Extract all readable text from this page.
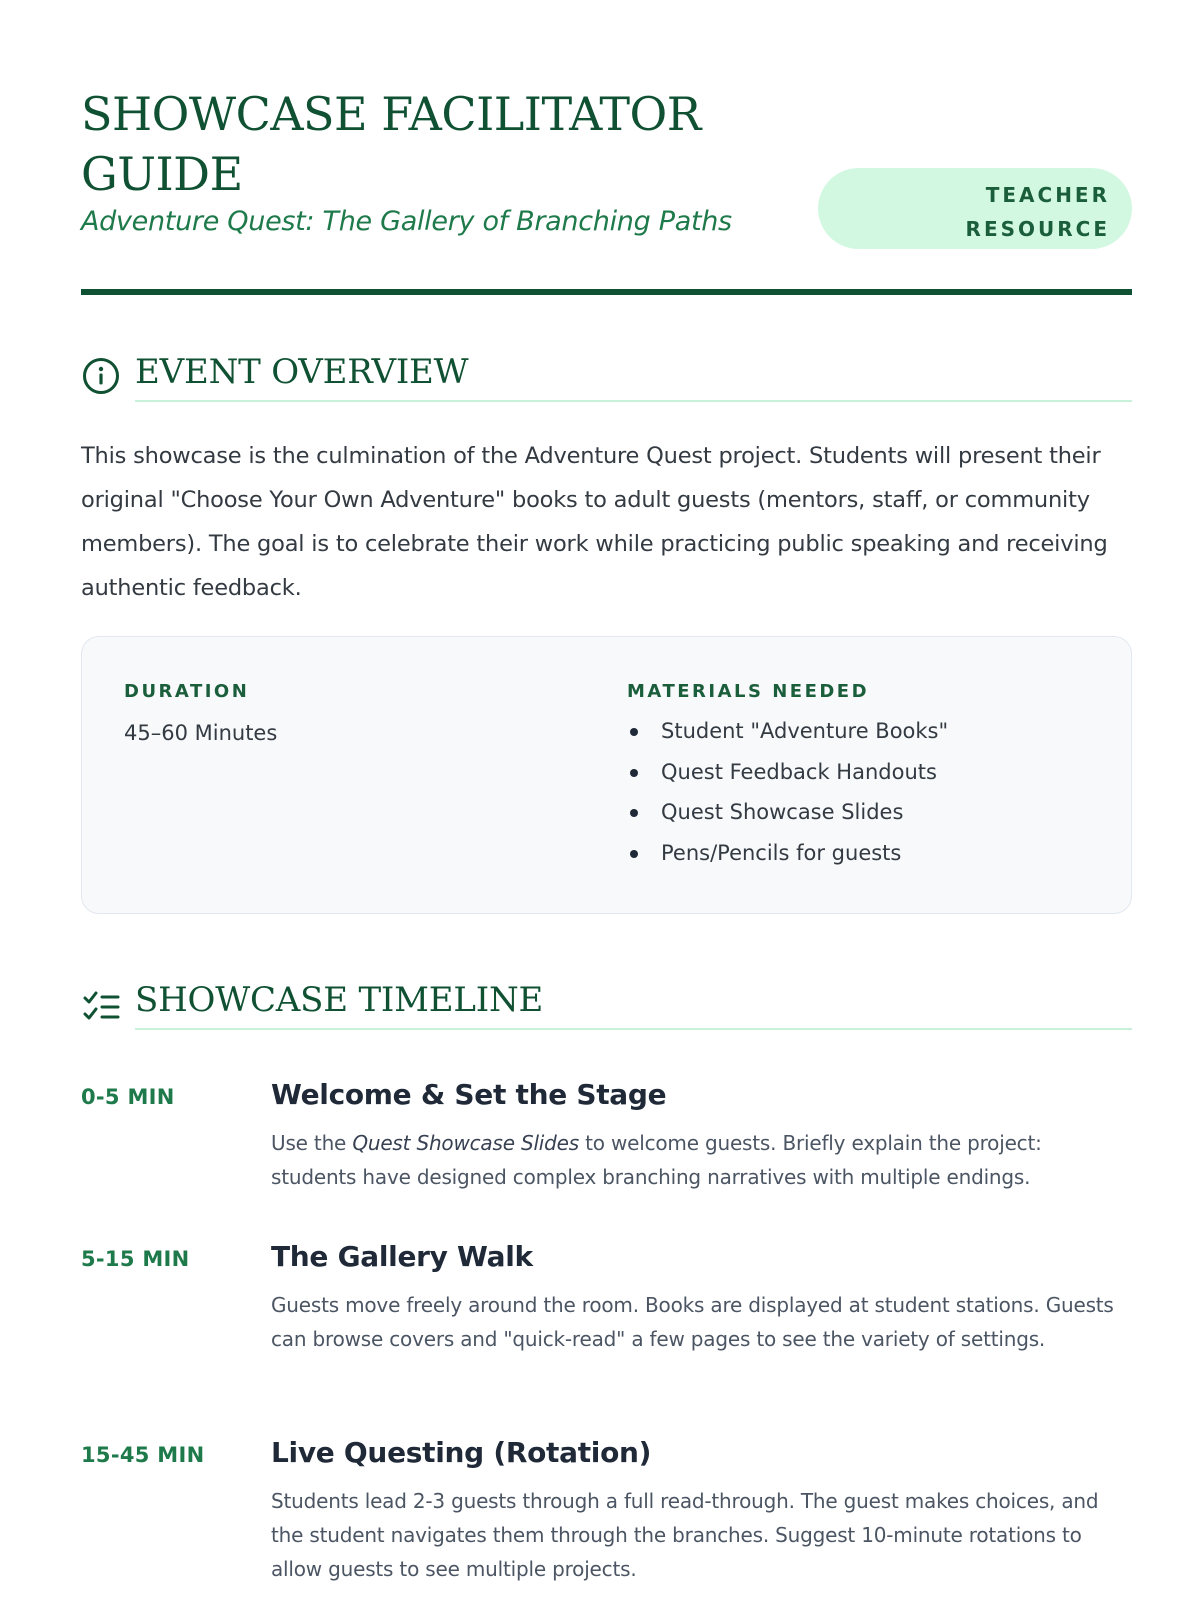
SHOWCASE FACILITATOR GUIDE
Adventure Quest: The Gallery of Branching Paths
TEACHER
RESOURCE
EVENT OVERVIEW
This showcase is the culmination of the Adventure Quest project. Students will present their original "Choose Your Own Adventure" books to adult guests (mentors, staff, or community members). The goal is to celebrate their work while practicing public speaking and receiving authentic feedback.
DURATION
45–60 Minutes
MATERIALS NEEDED
Student "Adventure Books"
Quest Feedback Handouts
Quest Showcase Slides
Pens/Pencils for guests
SHOWCASE TIMELINE
0-5 MIN	Welcome & Set the Stage
Use the Quest Showcase Slides to welcome guests. Briefly explain the project: students have designed complex branching narratives with multiple endings.
5-15 MIN	The Gallery Walk
Guests move freely around the room. Books are displayed at student stations. Guests can browse covers and "quick-read" a few pages to see the variety of settings.
15-45 MIN Live Questing (Rotation)
Students lead 2-3 guests through a full read-through. The guest makes choices, and the student navigates them through the branches. Suggest 10-minute rotations to allow guests to see multiple projects.
